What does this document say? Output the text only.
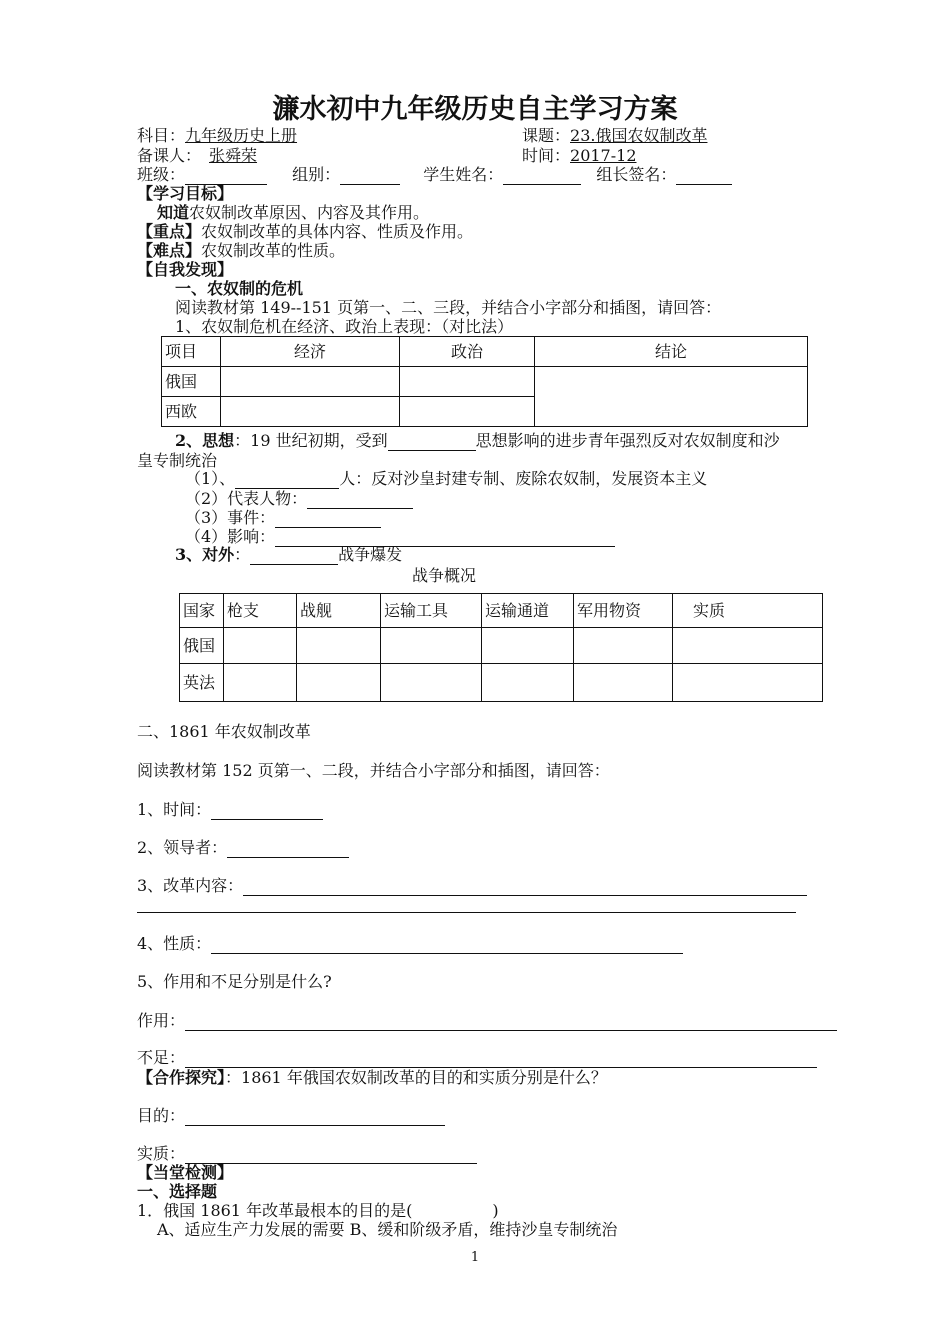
濂水初中九年级历史自主学习方案
科目：九年级历史上册	课题：23.俄国农奴制改革
备课人： 张舜荣	时间：2017-12
班级：	组别：	学生姓名：	组长签名：
【学习目标】
知道农奴制改革原因、内容及其作用。
【重点】农奴制改革的具体内容、性质及作用。
【难点】农奴制改革的性质。
【自我发现】
一、农奴制的危机
阅读教材第 149--151 页第一、二、三段，并结合小字部分和插图，请回答：
1、农奴制危机在经济、政治上表现：（对比法）
项目	经济	政治	结论
俄国			
西欧			
2、思想：19 世纪初期，受到	思想影响的进步青年强烈反对农奴制度和沙
皇专制统治
（1）、	人：反对沙皇封建专制、废除农奴制，发展资本主义
（2）代表人物：
（3）事件：
（4）影响：
3、对外：	战争爆发
战争概况
国家	枪支	战舰	运输工具	运输通道	军用物资	实质
俄国						
英法						
二、1861 年农奴制改革
阅读教材第 152 页第一、二段，并结合小字部分和插图，请回答：
1、时间：
2、领导者：
3、改革内容：
4、性质：
5、作用和不足分别是什么?
作用：
不足：
【合作探究】：1861 年俄国农奴制改革的目的和实质分别是什么？
目的：
实质：
【当堂检测】
一、选择题
1．俄国 1861 年改革最根本的目的是(　　　　　)
A、适应生产力发展的需要 B、缓和阶级矛盾，维持沙皇专制统治
1
